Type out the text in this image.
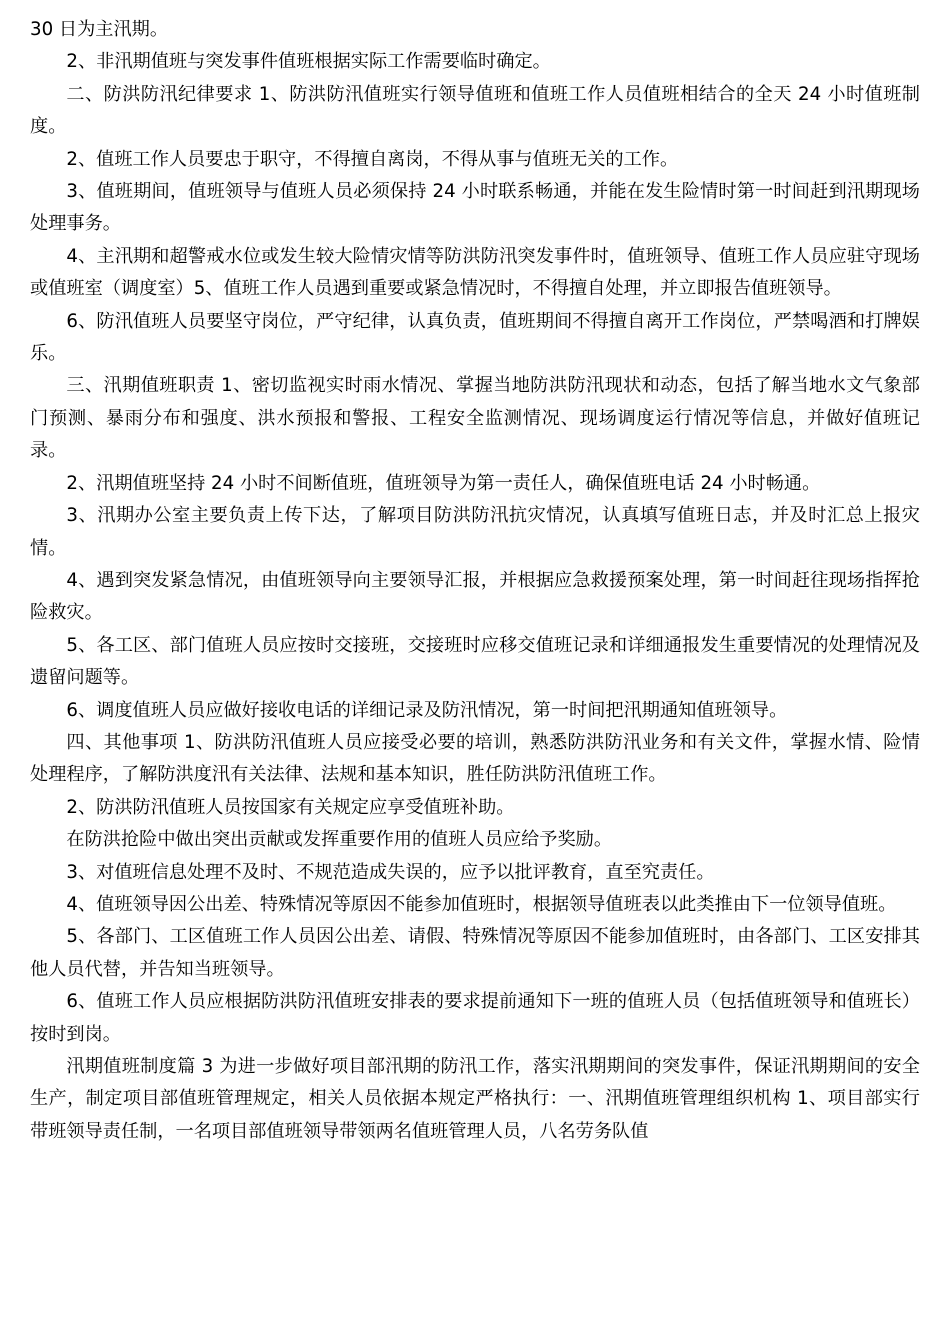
30 日为主汛期。

2、非汛期值班与突发事件值班根据实际工作需要临时确定。

二、防洪防汛纪律要求 1、防洪防汛值班实行领导值班和值班工作人员值班相结合的全天 24 小时值班制度。

2、值班工作人员要忠于职守，不得擅自离岗，不得从事与值班无关的工作。

3、值班期间，值班领导与值班人员必须保持 24 小时联系畅通，并能在发生险情时第一时间赶到汛期现场处理事务。

4、主汛期和超警戒水位或发生较大险情灾情等防洪防汛突发事件时，值班领导、值班工作人员应驻守现场或值班室（调度室）5、值班工作人员遇到重要或紧急情况时，不得擅自处理，并立即报告值班领导。

6、防汛值班人员要坚守岗位，严守纪律，认真负责，值班期间不得擅自离开工作岗位，严禁喝酒和打牌娱乐。

三、汛期值班职责 1、密切监视实时雨水情况、掌握当地防洪防汛现状和动态，包括了解当地水文气象部门预测、暴雨分布和强度、洪水预报和警报、工程安全监测情况、现场调度运行情况等信息，并做好值班记录。

2、汛期值班坚持 24 小时不间断值班，值班领导为第一责任人，确保值班电话 24 小时畅通。

3、汛期办公室主要负责上传下达，了解项目防洪防汛抗灾情况，认真填写值班日志，并及时汇总上报灾情。

4、遇到突发紧急情况，由值班领导向主要领导汇报，并根据应急救援预案处理，第一时间赶往现场指挥抢险救灾。

5、各工区、部门值班人员应按时交接班，交接班时应移交值班记录和详细通报发生重要情况的处理情况及遗留问题等。

6、调度值班人员应做好接收电话的详细记录及防汛情况，第一时间把汛期通知值班领导。

四、其他事项 1、防洪防汛值班人员应接受必要的培训，熟悉防洪防汛业务和有关文件，掌握水情、险情处理程序，了解防洪度汛有关法律、法规和基本知识，胜任防洪防汛值班工作。

2、防洪防汛值班人员按国家有关规定应享受值班补助。

在防洪抢险中做出突出贡献或发挥重要作用的值班人员应给予奖励。

3、对值班信息处理不及时、不规范造成失误的，应予以批评教育，直至究责任。

4、值班领导因公出差、特殊情况等原因不能参加值班时，根据领导值班表以此类推由下一位领导值班。

5、各部门、工区值班工作人员因公出差、请假、特殊情况等原因不能参加值班时，由各部门、工区安排其他人员代替，并告知当班领导。

6、值班工作人员应根据防洪防汛值班安排表的要求提前通知下一班的值班人员（包括值班领导和值班长）按时到岗。

汛期值班制度篇 3 为进一步做好项目部汛期的防汛工作，落实汛期期间的突发事件，保证汛期期间的安全生产，制定项目部值班管理规定，相关人员依据本规定严格执行：一、汛期值班管理组织机构 1、项目部实行带班领导责任制，一名项目部值班领导带领两名值班管理人员，八名劳务队值
